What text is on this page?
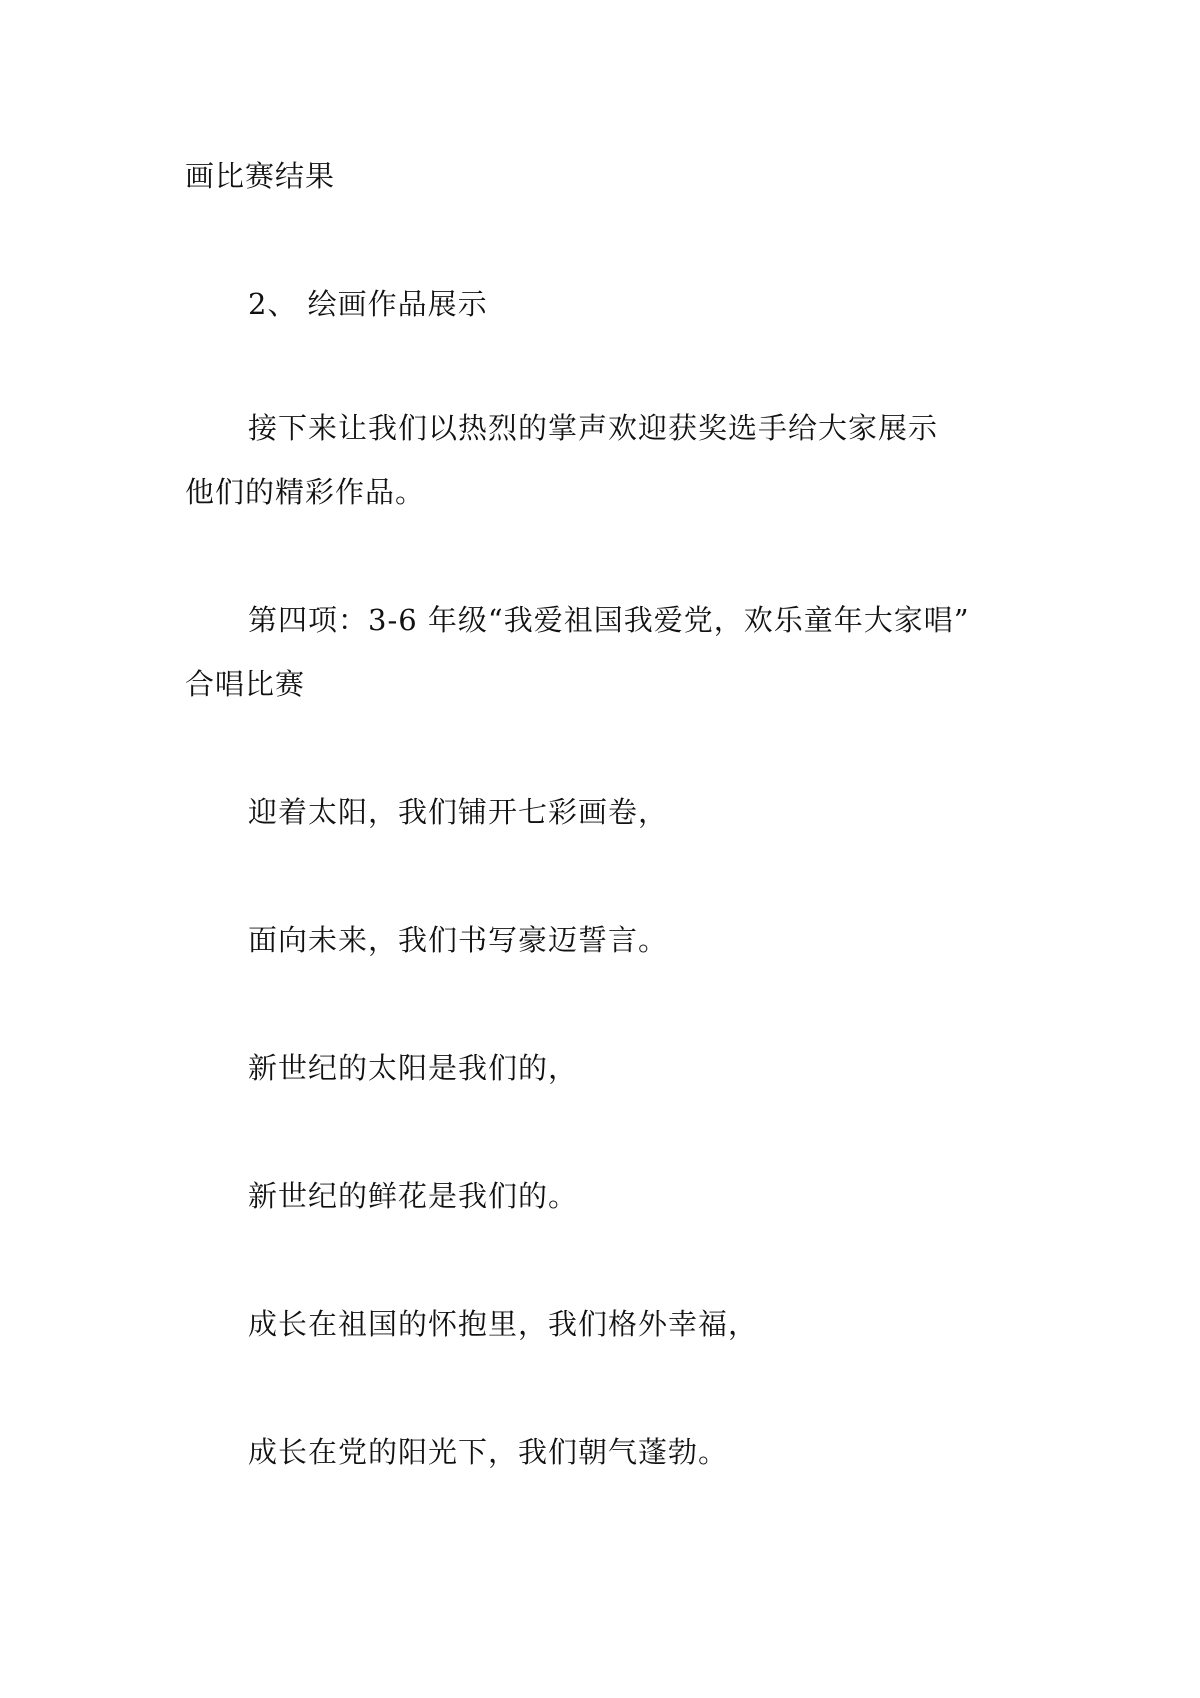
画比赛结果
2、 绘画作品展示
接下来让我们以热烈的掌声欢迎获奖选手给大家展示
他们的精彩作品。
第四项：3-6 年级“我爱祖国我爱党，欢乐童年大家唱”
合唱比赛
迎着太阳，我们铺开七彩画卷，
面向未来，我们书写豪迈誓言。
新世纪的太阳是我们的，
新世纪的鲜花是我们的。
成长在祖国的怀抱里，我们格外幸福，
成长在党的阳光下，我们朝气蓬勃。
